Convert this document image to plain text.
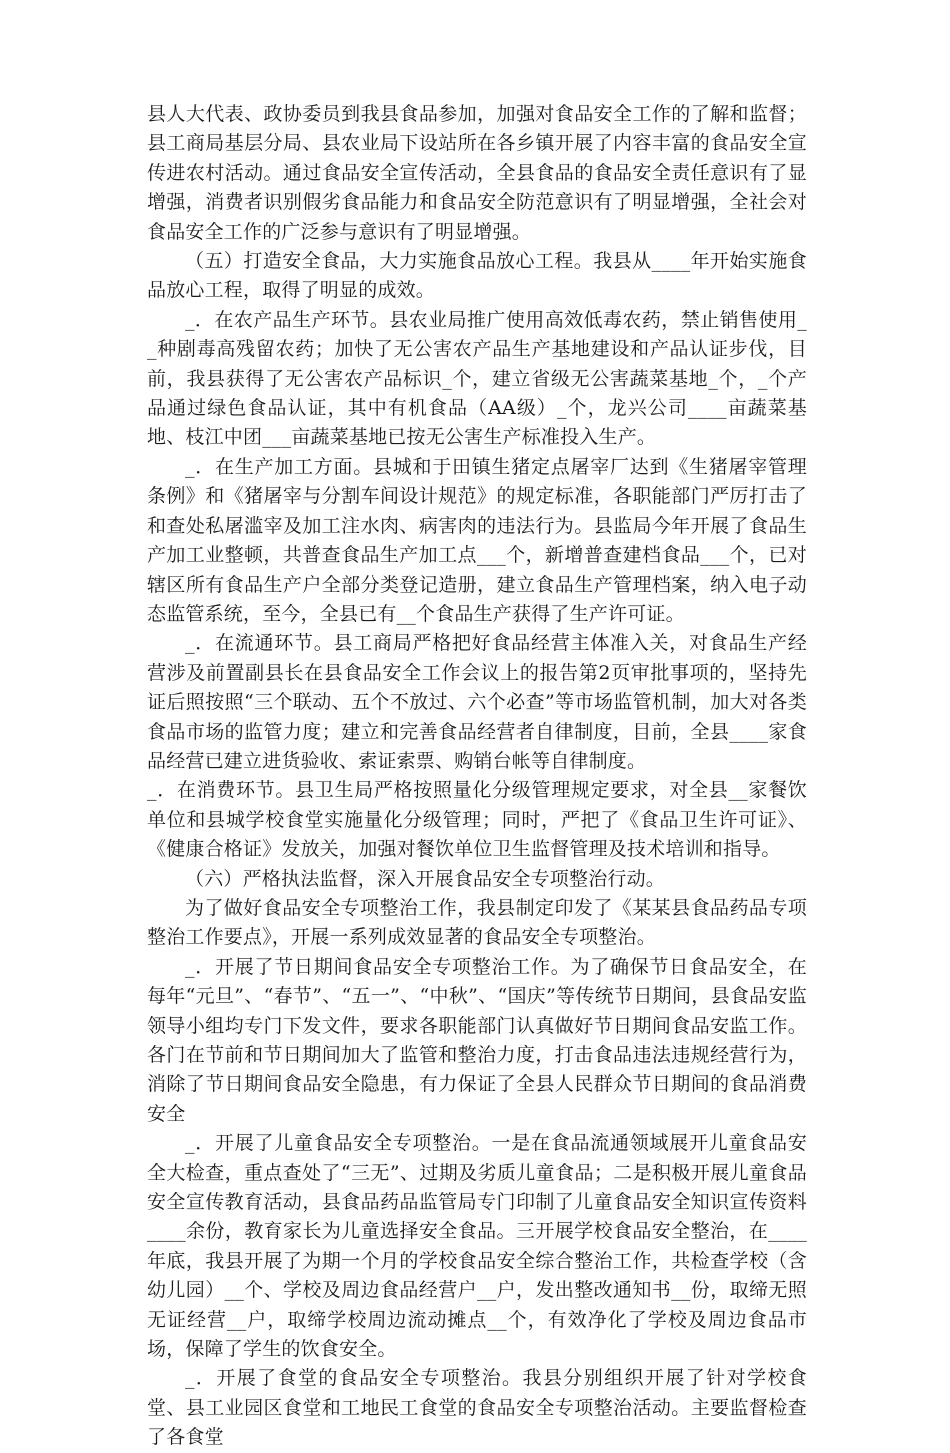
县人大代表、政协委员到我县食品参加，加强对食品安全工作的了解和监督；县工商局基层分局、县农业局下设站所在各乡镇开展了内容丰富的食品安全宣传进农村活动。通过食品安全宣传活动，全县食品的食品安全责任意识有了显增强，消费者识别假劣食品能力和食品安全防范意识有了明显增强，全社会对食品安全工作的广泛参与意识有了明显增强。

（五）打造安全食品，大力实施食品放心工程。我县从____年开始实施食品放心工程，取得了明显的成效。

_．在农产品生产环节。县农业局推广使用高效低毒农药，禁止销售使用__种剧毒高残留农药；加快了无公害农产品生产基地建设和产品认证步伐，目前，我县获得了无公害农产品标识_个，建立省级无公害蔬菜基地_个，_个产品通过绿色食品认证，其中有机食品（AA级）_个，龙兴公司____亩蔬菜基地、枝江中团___亩蔬菜基地已按无公害生产标准投入生产。

_．在生产加工方面。县城和于田镇生猪定点屠宰厂达到《生猪屠宰管理条例》和《猪屠宰与分割车间设计规范》的规定标准，各职能部门严厉打击了和查处私屠滥宰及加工注水肉、病害肉的违法行为。县监局今年开展了食品生产加工业整顿，共普查食品生产加工点___个，新增普查建档食品___个，已对辖区所有食品生产户全部分类登记造册，建立食品生产管理档案，纳入电子动态监管系统，至今，全县已有__个食品生产获得了生产许可证。

_．在流通环节。县工商局严格把好食品经营主体准入关，对食品生产经营涉及前置副县长在县食品安全工作会议上的报告第2页审批事项的，坚持先证后照按照“三个联动、五个不放过、六个必查”等市场监管机制，加大对各类食品市场的监管力度；建立和完善食品经营者自律制度，目前，全县____家食品经营已建立进货验收、索证索票、购销台帐等自律制度。

_．在消费环节。县卫生局严格按照量化分级管理规定要求，对全县__家餐饮单位和县城学校食堂实施量化分级管理；同时，严把了《食品卫生许可证》、《健康合格证》发放关，加强对餐饮单位卫生监督管理及技术培训和指导。

（六）严格执法监督，深入开展食品安全专项整治行动。

为了做好食品安全专项整治工作，我县制定印发了《某某县食品药品专项整治工作要点》，开展一系列成效显著的食品安全专项整治。

_．开展了节日期间食品安全专项整治工作。为了确保节日食品安全，在每年“元旦”、“春节”、“五一”、“中秋”、“国庆”等传统节日期间，县食品安监领导小组均专门下发文件，要求各职能部门认真做好节日期间食品安监工作。各门在节前和节日期间加大了监管和整治力度，打击食品违法违规经营行为，消除了节日期间食品安全隐患，有力保证了全县人民群众节日期间的食品消费安全

_．开展了儿童食品安全专项整治。一是在食品流通领域展开儿童食品安全大检查，重点查处了“三无”、过期及劣质儿童食品；二是积极开展儿童食品安全宣传教育活动，县食品药品监管局专门印制了儿童食品安全知识宣传资料____余份，教育家长为儿童选择安全食品。三开展学校食品安全整治，在____年底，我县开展了为期一个月的学校食品安全综合整治工作，共检查学校（含幼儿园）__个、学校及周边食品经营户__户，发出整改通知书__份，取缔无照无证经营__户，取缔学校周边流动摊点__个，有效净化了学校及周边食品市场，保障了学生的饮食安全。

_．开展了食堂的食品安全专项整治。我县分别组织开展了针对学校食堂、县工业园区食堂和工地民工食堂的食品安全专项整治活动。主要监督检查了各食堂
